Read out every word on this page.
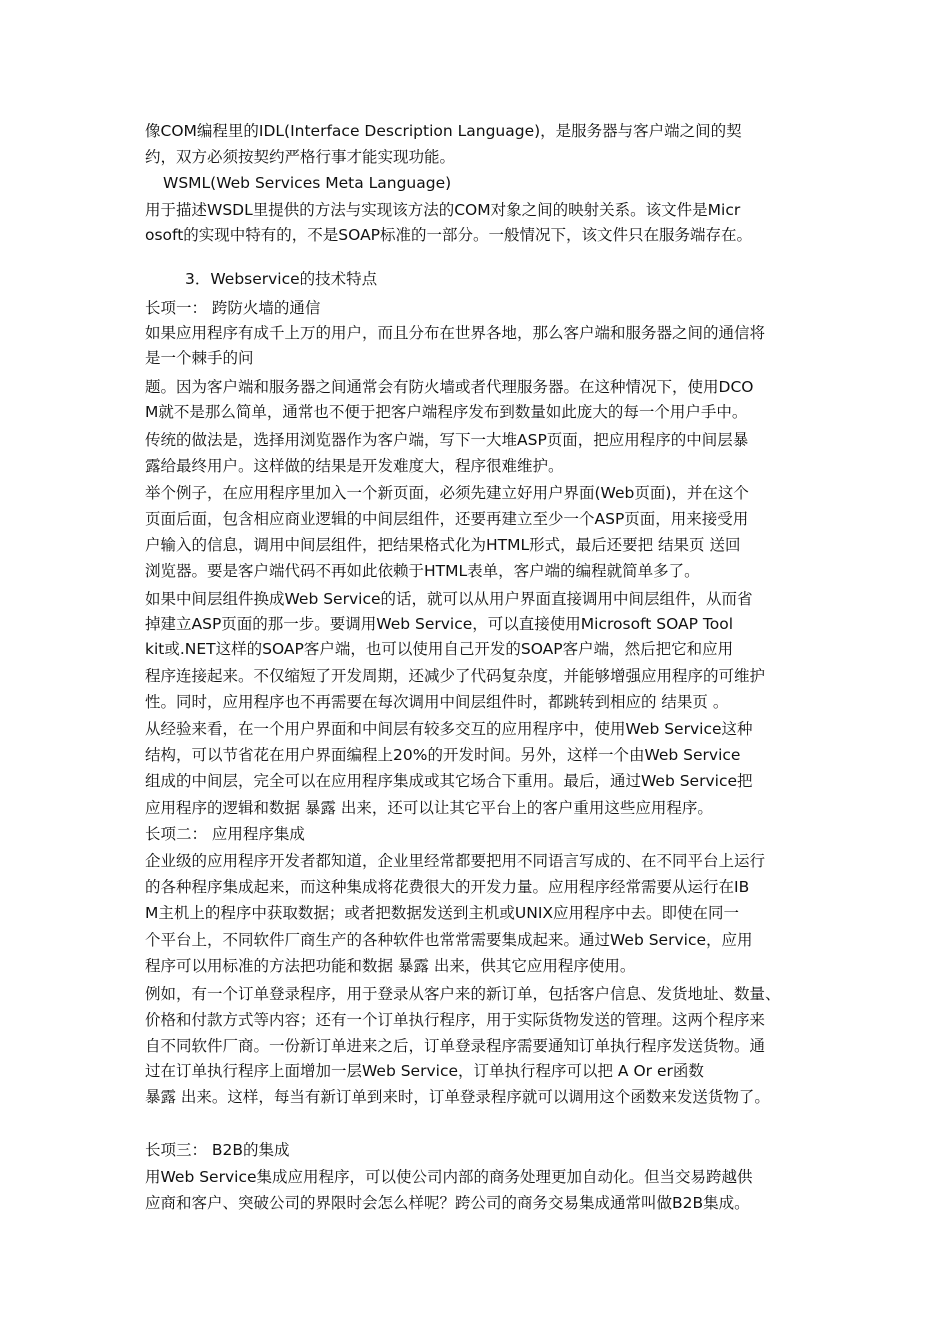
像COM编程里的IDL(Interface Description Language)，是服务器与客户端之间的契
约，双方必须按契约严格行事才能实现功能。
WSML(Web Services Meta Language)
用于描述WSDL里提供的方法与实现该方法的COM对象之间的映射关系。该文件是Micr
osoft的实现中特有的，不是SOAP标准的一部分。一般情况下，该文件只在服务端存在。
3．Webservice的技术特点
长项一： 跨防火墙的通信
如果应用程序有成千上万的用户，而且分布在世界各地，那么客户端和服务器之间的通信将
是一个棘手的问
题。因为客户端和服务器之间通常会有防火墙或者代理服务器。在这种情况下，使用DCO
M就不是那么简单，通常也不便于把客户端程序发布到数量如此庞大的每一个用户手中。
传统的做法是，选择用浏览器作为客户端，写下一大堆ASP页面，把应用程序的中间层暴
露给最终用户。这样做的结果是开发难度大，程序很难维护。
举个例子，在应用程序里加入一个新页面，必须先建立好用户界面(Web页面)，并在这个
页面后面，包含相应商业逻辑的中间层组件，还要再建立至少一个ASP页面，用来接受用
户输入的信息，调用中间层组件，把结果格式化为HTML形式，最后还要把 结果页 送回
浏览器。要是客户端代码不再如此依赖于HTML表单，客户端的编程就简单多了。
如果中间层组件换成Web Service的话，就可以从用户界面直接调用中间层组件，从而省
掉建立ASP页面的那一步。要调用Web Service，可以直接使用Microsoft SOAP Tool
kit或.NET这样的SOAP客户端，也可以使用自己开发的SOAP客户端，然后把它和应用
程序连接起来。不仅缩短了开发周期，还减少了代码复杂度，并能够增强应用程序的可维护
性。同时，应用程序也不再需要在每次调用中间层组件时，都跳转到相应的 结果页 。
从经验来看，在一个用户界面和中间层有较多交互的应用程序中，使用Web Service这种
结构，可以节省花在用户界面编程上20%的开发时间。另外，这样一个由Web Service
组成的中间层，完全可以在应用程序集成或其它场合下重用。最后，通过Web Service把
应用程序的逻辑和数据 暴露 出来，还可以让其它平台上的客户重用这些应用程序。
长项二： 应用程序集成
企业级的应用程序开发者都知道，企业里经常都要把用不同语言写成的、在不同平台上运行
的各种程序集成起来，而这种集成将花费很大的开发力量。应用程序经常需要从运行在IB
M主机上的程序中获取数据；或者把数据发送到主机或UNIX应用程序中去。即使在同一
个平台上，不同软件厂商生产的各种软件也常常需要集成起来。通过Web Service，应用
程序可以用标准的方法把功能和数据 暴露 出来，供其它应用程序使用。
例如，有一个订单登录程序，用于登录从客户来的新订单，包括客户信息、发货地址、数量、
价格和付款方式等内容；还有一个订单执行程序，用于实际货物发送的管理。这两个程序来
自不同软件厂商。一份新订单进来之后，订单登录程序需要通知订单执行程序发送货物。通
过在订单执行程序上面增加一层Web Service，订单执行程序可以把 A Or er函数
暴露 出来。这样，每当有新订单到来时，订单登录程序就可以调用这个函数来发送货物了。
长项三： B2B的集成
用Web Service集成应用程序，可以使公司内部的商务处理更加自动化。但当交易跨越供
应商和客户、突破公司的界限时会怎么样呢？跨公司的商务交易集成通常叫做B2B集成。
